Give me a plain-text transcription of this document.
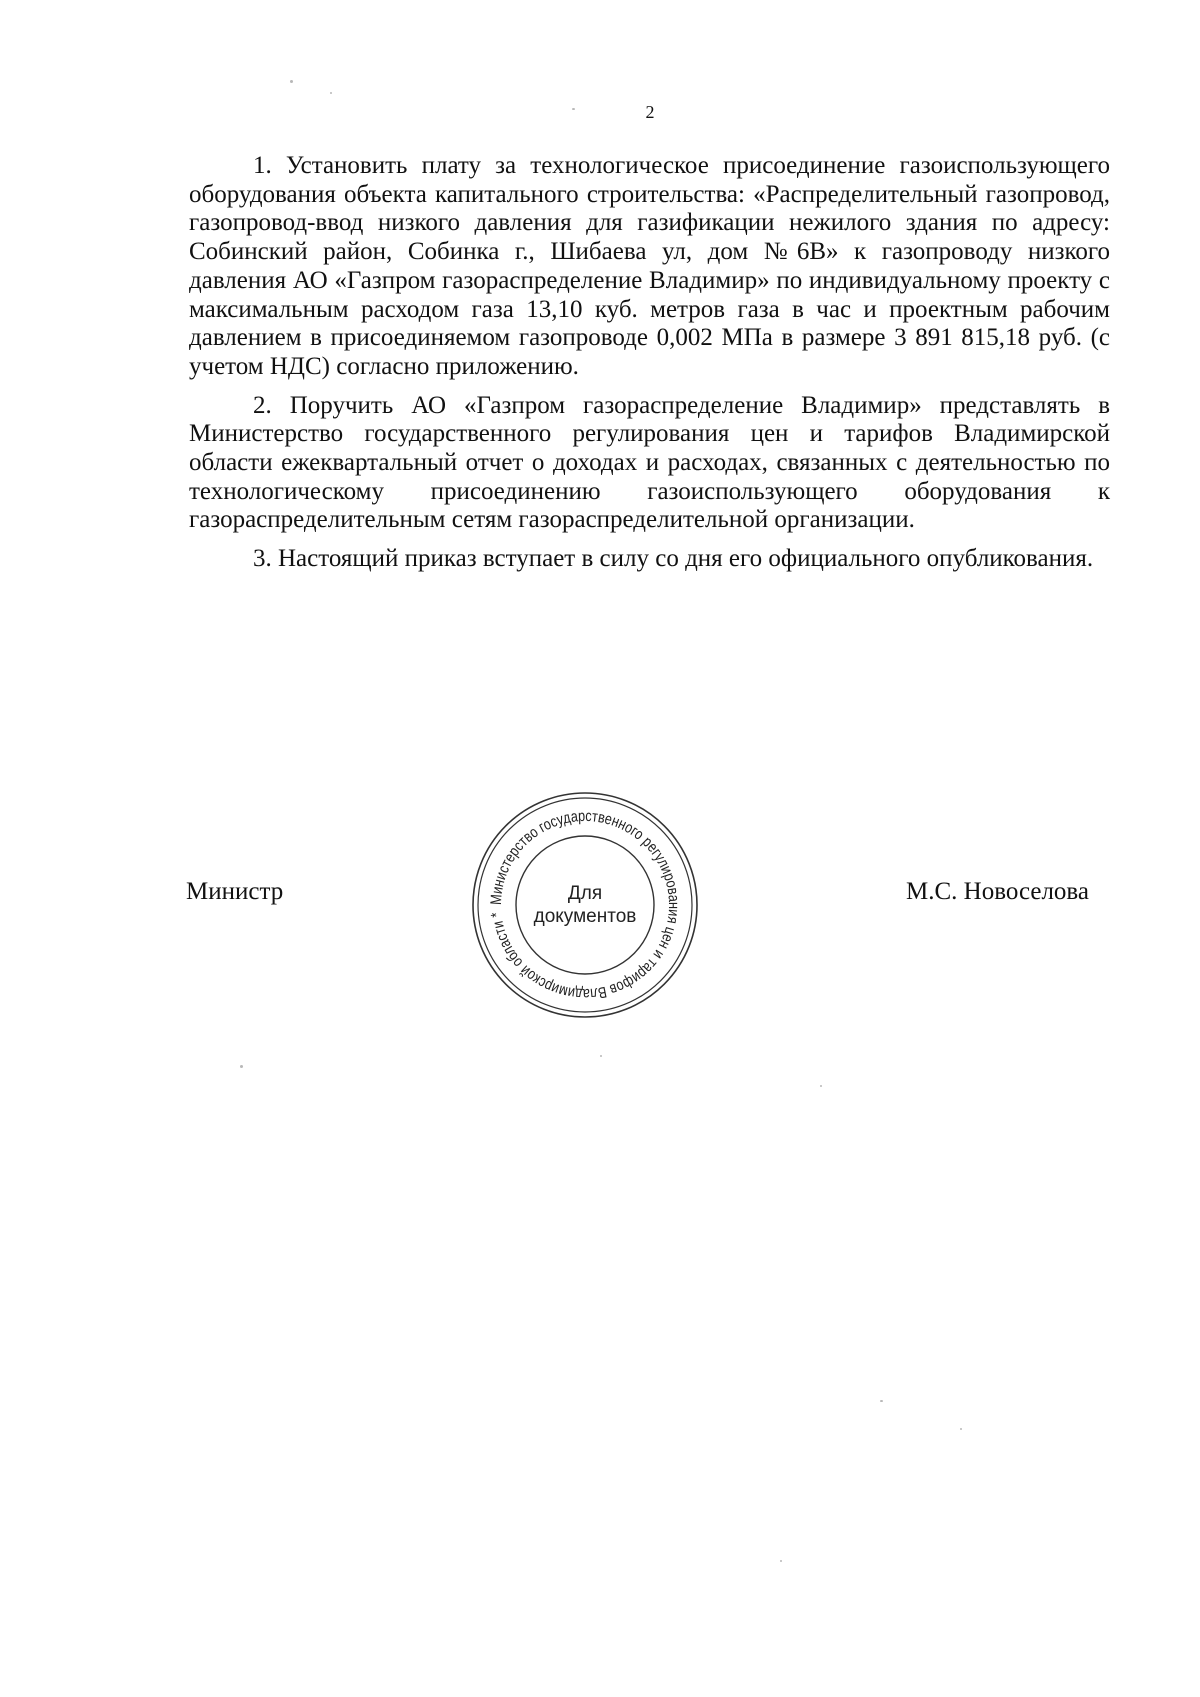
2

1. Установить плату за технологическое присоединение газоиспользующего оборудования объекта капитального строительства: «Распределительный газопровод, газопровод-ввод низкого давления для газификации нежилого здания по адресу: Собинский район, Собинка г., Шибаева ул, дом №6В» к газопроводу низкого давления АО «Газпром газораспределение Владимир» по индивидуальному проекту с максимальным расходом газа 13,10 куб. метров газа в час и проектным рабочим давлением в присоединяемом газопроводе 0,002 МПа в размере 3 891 815,18 руб. (с учетом НДС) согласно приложению.

2. Поручить АО «Газпром газораспределение Владимир» представлять в Министерство государственного регулирования цен и тарифов Владимирской области ежеквартальный отчет о доходах и расходах, связанных с деятельностью по технологическому присоединению газоиспользующего оборудования к газораспределительным сетям газораспределительной организации.

3. Настоящий приказ вступает в силу со дня его официального опубликования.

Министр	М.С. Новоселова
Министерство государственного регулирования цен и тарифов Владимирской области *
Для
документов
